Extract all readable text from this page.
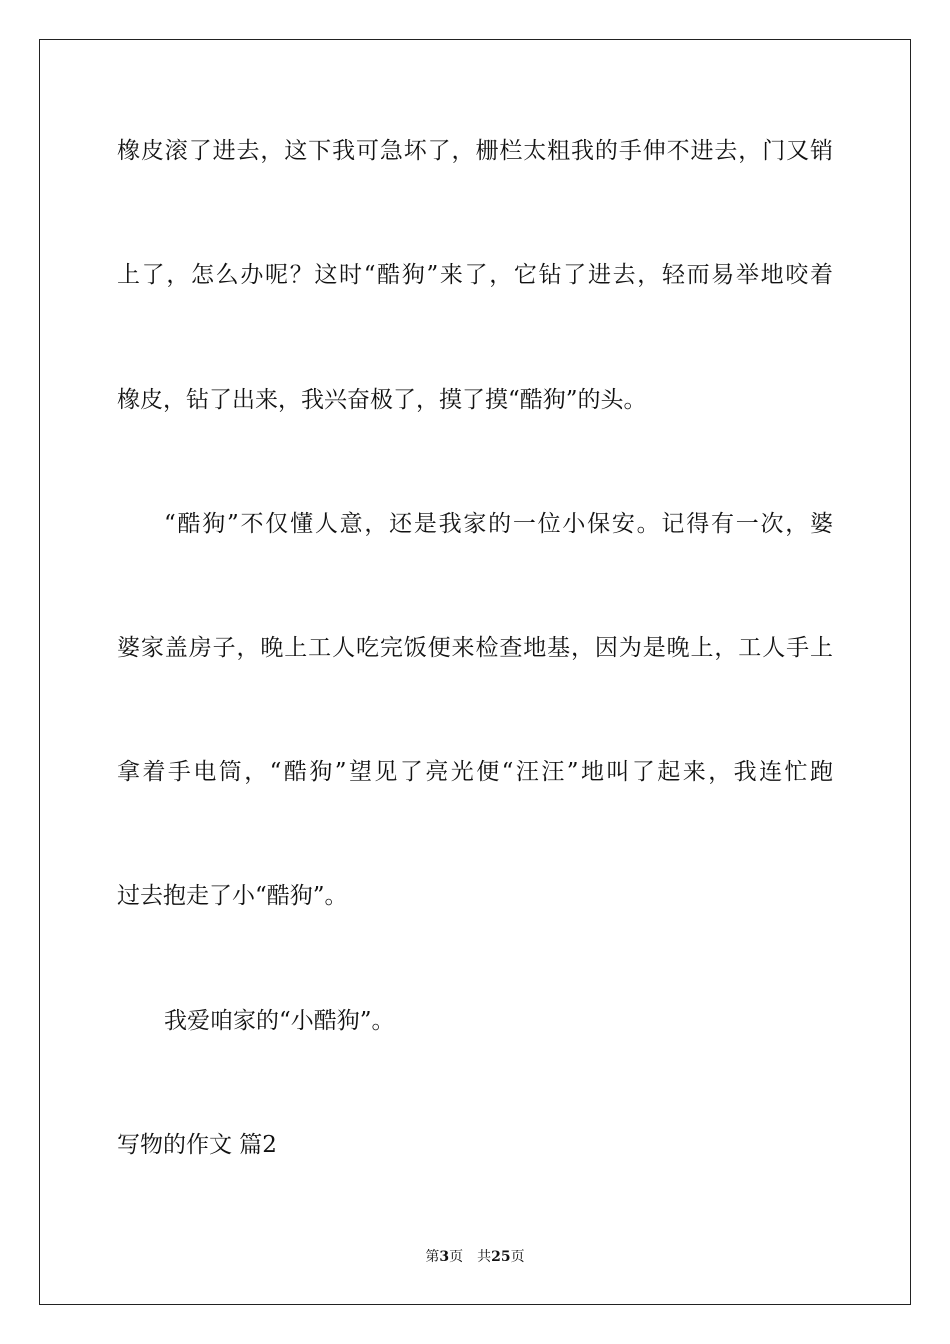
橡皮滚了进去，这下我可急坏了，栅栏太粗我的手伸不进去，门又销
上了，怎么办呢？这时“酷狗”来了，它钻了进去，轻而易举地咬着
橡皮，钻了出来，我兴奋极了，摸了摸“酷狗”的头。
“酷狗”不仅懂人意，还是我家的一位小保安。记得有一次，婆
婆家盖房子，晚上工人吃完饭便来检查地基，因为是晚上，工人手上
拿着手电筒，“酷狗”望见了亮光便“汪汪”地叫了起来，我连忙跑
过去抱走了小“酷狗”。
我爱咱家的“小酷狗”。
写物的作文 篇2
第3页 共25页
